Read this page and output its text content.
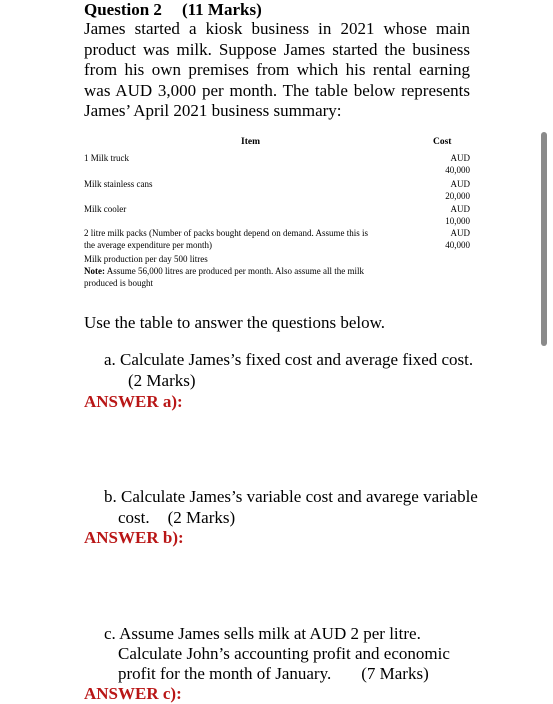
Question 2 (11 Marks)
James started a kiosk business in 2021 whose main product was milk. Suppose James started the business from his own premises from which his rental earning was AUD 3,000 per month. The table below represents James’ April 2021 business summary:
Item	Cost
1 Milk truck	AUD 40,000
Milk stainless cans	AUD 20,000
Milk cooler	AUD 10,000
2 litre milk packs (Number of packs bought depend on demand. Assume this is	AUD 40,000
the average expenditure per month)
Milk production per day 500 litres
Note: Assume 56,000 litres are produced per month. Also assume all the milk
produced is bought
Use the table to answer the questions below.
a. Calculate James’s fixed cost and average fixed cost.
(2 Marks)
ANSWER a):
b. Calculate James’s variable cost and avarege variable
cost. (2 Marks)
ANSWER b):
c. Assume James sells milk at AUD 2 per litre.
Calculate John’s accounting profit and economic
profit for the month of January. (7 Marks)
ANSWER c):
